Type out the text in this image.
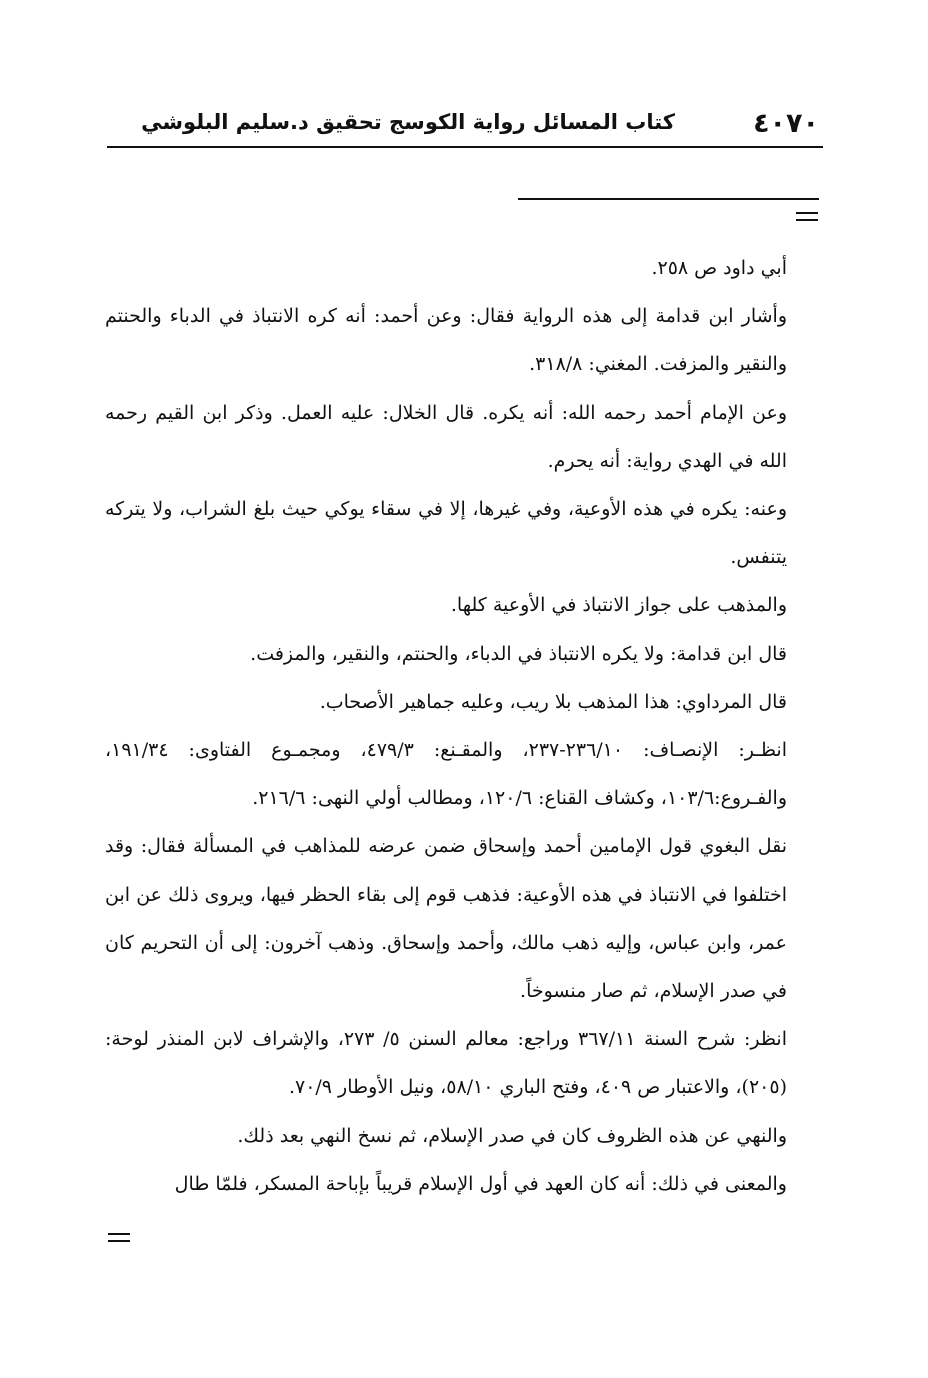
٤٠٧٠
كتاب المسائل رواية الكوسج تحقيق د.سليم البلوشي

أبي داود ص ٢٥٨.

وأشار ابن قدامة إلى هذه الرواية فقال: وعن أحمد: أنه كره الانتباذ في الدباء والحنتم والنقير والمزفت. المغني: ٣١٨/٨.

وعن الإمام أحمد رحمه الله: أنه يكره. قال الخلال: عليه العمل. وذكر ابن القيم رحمه الله في الهدي رواية: أنه يحرم.

وعنه: يكره في هذه الأوعية، وفي غيرها، إلا في سقاء يوكي حيث بلغ الشراب، ولا يتركه يتنفس.

والمذهب على جواز الانتباذ في الأوعية كلها.

قال ابن قدامة: ولا يكره الانتباذ في الدباء، والحنتم، والنقير، والمزفت.

قال المرداوي: هذا المذهب بلا ريب، وعليه جماهير الأصحاب.

انظـر: الإنصـاف: ٢٣٦/١٠-٢٣٧، والمقـنع: ٤٧٩/٣، ومجمـوع الفتاوى: ١٩١/٣٤، والفـروع:١٠٣/٦، وكشاف القناع: ١٢٠/٦، ومطالب أولي النهى: ٢١٦/٦.

نقل البغوي قول الإمامين أحمد وإسحاق ضمن عرضه للمذاهب في المسألة فقال: وقد اختلفوا في الانتباذ في هذه الأوعية: فذهب قوم إلى بقاء الحظر فيها، ويروى ذلك عن ابن عمر، وابن عباس، وإليه ذهب مالك، وأحمد وإسحاق. وذهب آخرون: إلى أن التحريم كان في صدر الإسلام، ثم صار منسوخاً.

انظر: شرح السنة ٣٦٧/١١ وراجع: معالم السنن ٥/ ٢٧٣، والإشراف لابن المنذر لوحة: (٢٠٥)، والاعتبار ص ٤٠٩، وفتح الباري ٥٨/١٠، ونيل الأوطار ٧٠/٩.

والنهي عن هذه الظروف كان في صدر الإسلام، ثم نسخ النهي بعد ذلك.

والمعنى في ذلك: أنه كان العهد في أول الإسلام قريباً بإباحة المسكر، فلمّا طال
